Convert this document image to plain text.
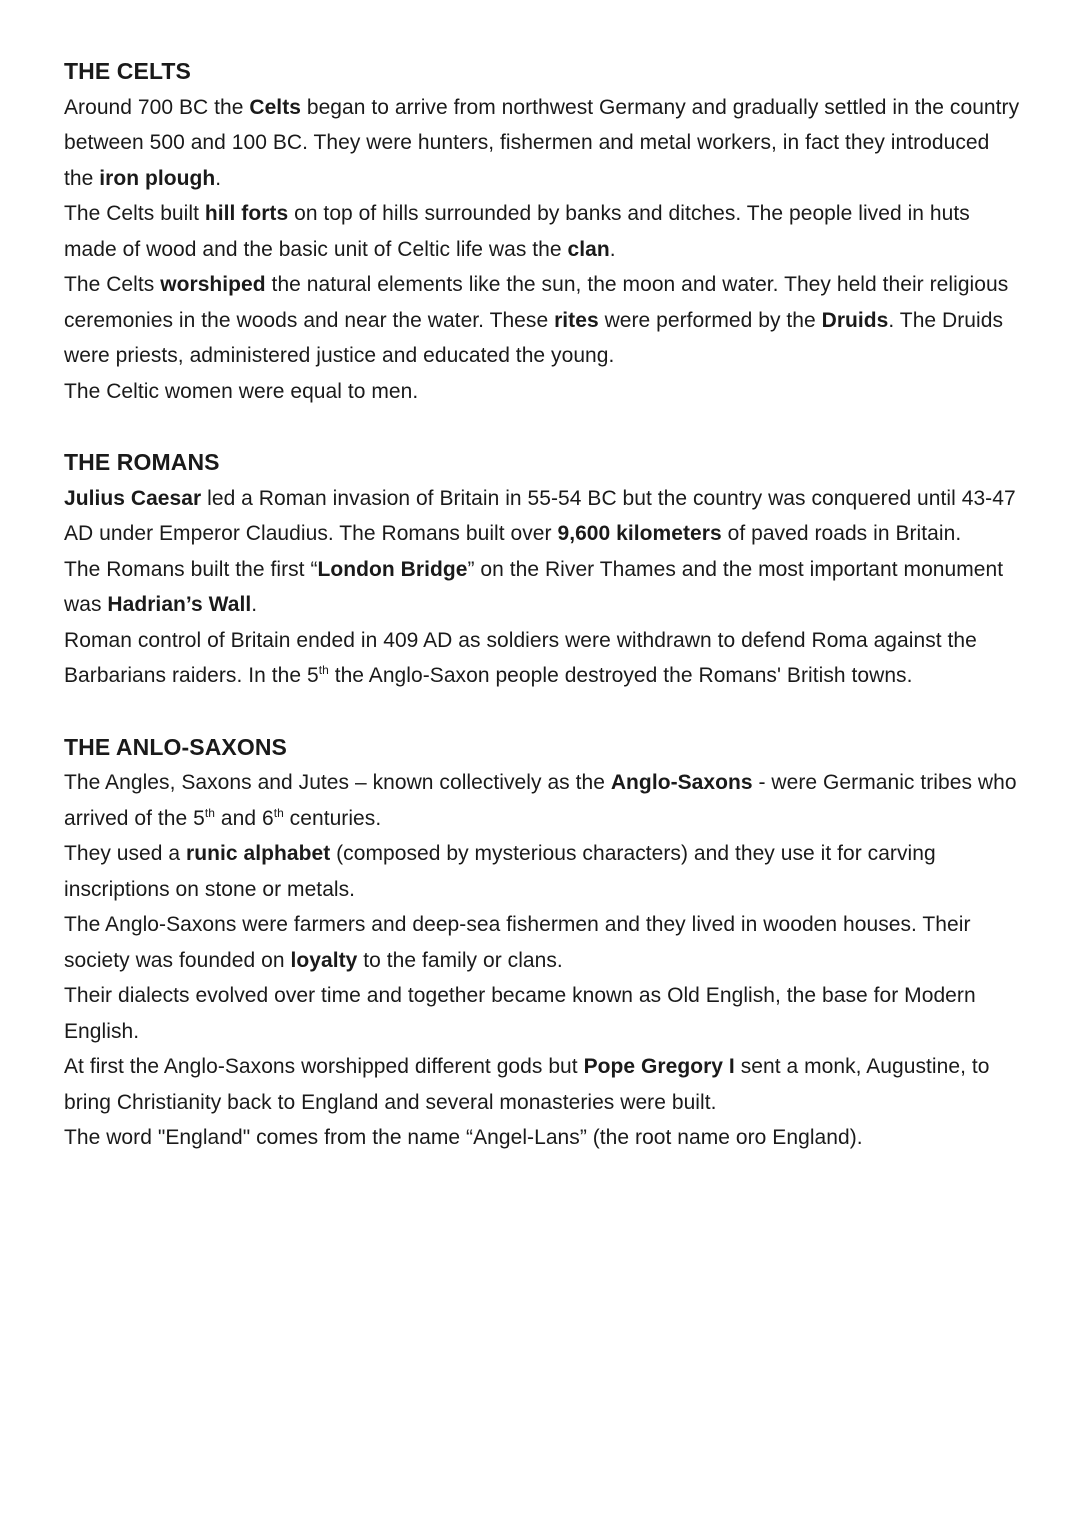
THE CELTS
Around 700 BC the Celts began to arrive from northwest Germany and gradually settled in the country between 500 and 100 BC. They were hunters, fishermen and metal workers, in fact they introduced the iron plough.
The Celts built hill forts on top of hills surrounded by banks and ditches. The people lived in huts made of wood and the basic unit of Celtic life was the clan.
The Celts worshiped the natural elements like the sun, the moon and water. They held their religious ceremonies in the woods and near the water. These rites were performed by the Druids. The Druids were priests, administered justice and educated the young.
The Celtic women were equal to men.
THE ROMANS
Julius Caesar led a Roman invasion of Britain in 55-54 BC but the country was conquered until 43-47 AD under Emperor Claudius. The Romans built over 9,600 kilometers of paved roads in Britain.
The Romans built the first “London Bridge” on the River Thames and the most important monument was Hadrian’s Wall.
Roman control of Britain ended in 409 AD as soldiers were withdrawn to defend Roma against the Barbarians raiders. In the 5th the Anglo-Saxon people destroyed the Romans' British towns.
THE ANLO-SAXONS
The Angles, Saxons and Jutes – known collectively as the Anglo-Saxons - were Germanic tribes who arrived of the 5th and 6th centuries.
They used a runic alphabet (composed by mysterious characters) and they use it for carving inscriptions on stone or metals.
The Anglo-Saxons were farmers and deep-sea fishermen and they lived in wooden houses. Their society was founded on loyalty to the family or clans.
Their dialects evolved over time and together became known as Old English, the base for Modern English.
At first the Anglo-Saxons worshipped different gods but Pope Gregory I sent a monk, Augustine, to bring Christianity back to England and several monasteries were built.
The word "England" comes from the name “Angel-Lans” (the root name oro England).
